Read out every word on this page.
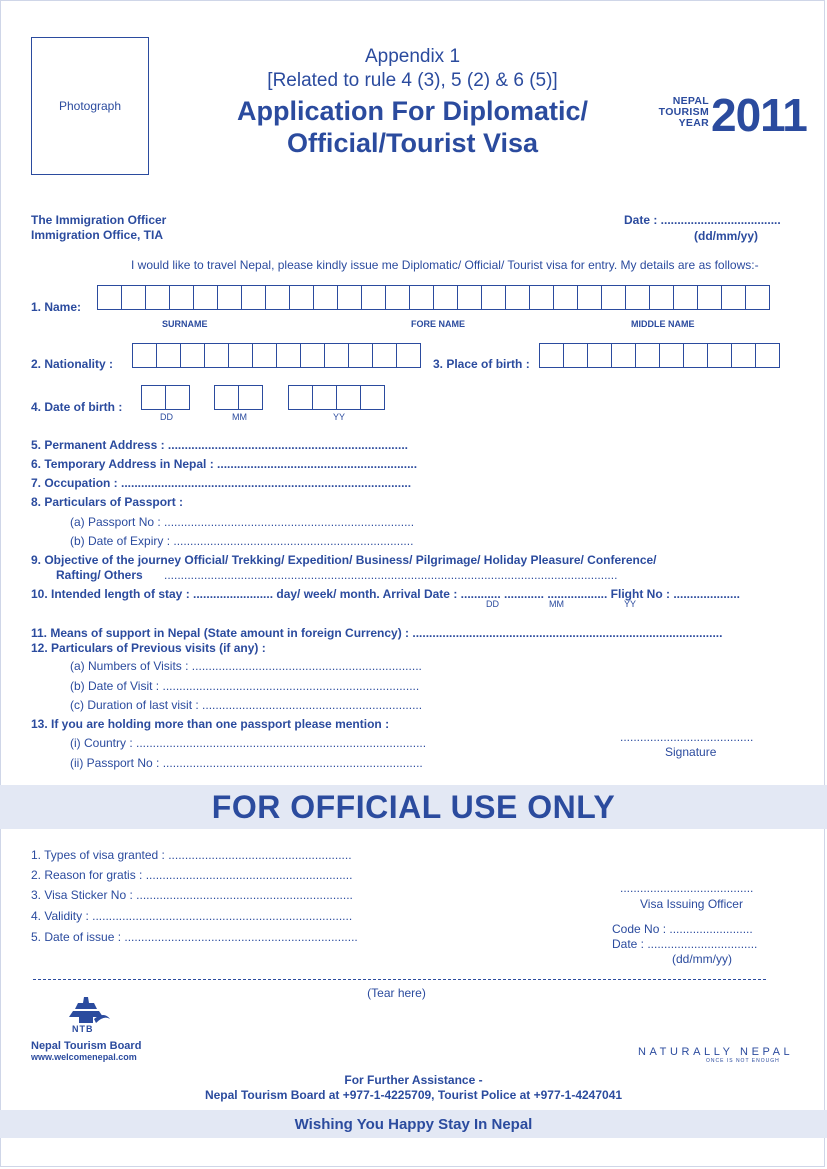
Photograph
Appendix 1
[Related to rule 4 (3), 5 (2) & 6 (5)]
Application For Diplomatic/
Official/Tourist Visa
NEPAL
TOURISM
YEAR 2011
The Immigration Officer
Immigration Office, TIA
Date : ....................................
(dd/mm/yy)
I would like to travel Nepal, please kindly issue me Diplomatic/ Official/ Tourist visa for entry. My details are as follows:-
1. Name:
SURNAME	FORE NAME	MIDDLE NAME
2. Nationality :	3. Place of birth :
4. Date of birth :
DD	MM	YY
5. Permanent Address : ........................................................................
6. Temporary Address in Nepal : ............................................................
7. Occupation : .......................................................................................
8. Particulars of Passport :
(a) Passport No : ...........................................................................
(b) Date of Expiry : ........................................................................
9. Objective of the journey Official/ Trekking/ Expedition/ Business/ Pilgrimage/ Holiday Pleasure/ Conference/
Rafting/ Others ........................................................................................................................................
10. Intended length of stay : ........................ day/ week/ month. Arrival Date : ............ ............ .................. Flight No : ....................
DD	MM	YY
11. Means of support in Nepal (State amount in foreign Currency) : .............................................................................................
12. Particulars of Previous visits (if any) :
(a) Numbers of Visits : .....................................................................
(b) Date of Visit : .............................................................................
(c) Duration of last visit : ..................................................................
13. If you are holding more than one passport please mention :
(i) Country : .......................................................................................
(ii) Passport No : ..............................................................................
........................................
Signature
FOR OFFICIAL USE ONLY
1. Types of visa granted : .......................................................
2. Reason for gratis : ..............................................................
3. Visa Sticker No : .................................................................
4. Validity : ..............................................................................
5. Date of issue : ......................................................................
........................................
Visa Issuing Officer
Code No : .........................
Date : .................................
(dd/mm/yy)
(Tear here)
NTB
Nepal Tourism Board
www.welcomenepal.com	NATURALLY NEPAL
ONCE IS NOT ENOUGH
For Further Assistance -
Nepal Tourism Board at +977-1-4225709, Tourist Police at +977-1-4247041
Wishing You Happy Stay In Nepal
